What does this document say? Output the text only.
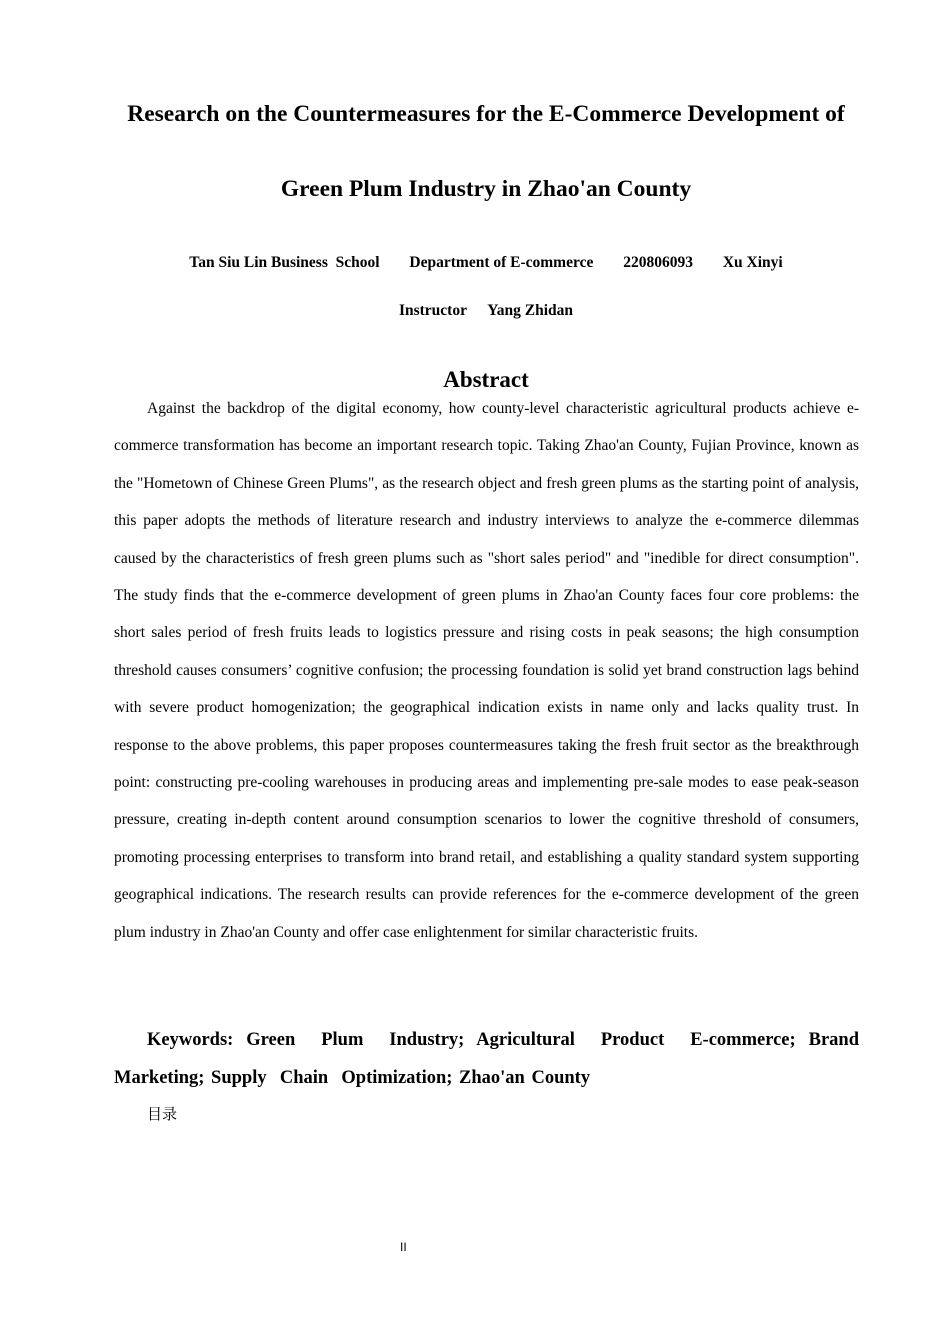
Research on the Countermeasures for the E-Commerce Development of
Green Plum Industry in Zhao'an County
Tan Siu Lin Business  School Department of E-commerce 220806093 Xu Xinyi
Instructor Yang Zhidan
Abstract

Against the backdrop of the digital economy, how county-level characteristic agricultural products achieve e-commerce transformation has become an important research topic. Taking Zhao'an County, Fujian Province, known as the "Hometown of Chinese Green Plums", as the research object and fresh green plums as the starting point of analysis, this paper adopts the methods of literature research and industry interviews to analyze the e-commerce dilemmas caused by the characteristics of fresh green plums such as "short sales period" and "inedible for direct consumption". The study finds that the e-commerce development of green plums in Zhao'an County faces four core problems: the short sales period of fresh fruits leads to logistics pressure and rising costs in peak seasons; the high consumption threshold causes consumers’ cognitive confusion; the processing foundation is solid yet brand construction lags behind with severe product homogenization; the geographical indication exists in name only and lacks quality trust. In response to the above problems, this paper proposes countermeasures taking the fresh fruit sector as the breakthrough point: constructing pre-cooling warehouses in producing areas and implementing pre-sale modes to ease peak-season pressure, creating in-depth content around consumption scenarios to lower the cognitive threshold of consumers, promoting processing enterprises to transform into brand retail, and establishing a quality standard system supporting geographical indications. The research results can provide references for the e-commerce development of the green plum industry in Zhao'an County and offer case enlightenment for similar characteristic fruits.

Keywords: Green  Plum  Industry; Agricultural  Product  E-commerce; Brand Marketing; Supply  Chain  Optimization; Zhao'an County

目录
II
